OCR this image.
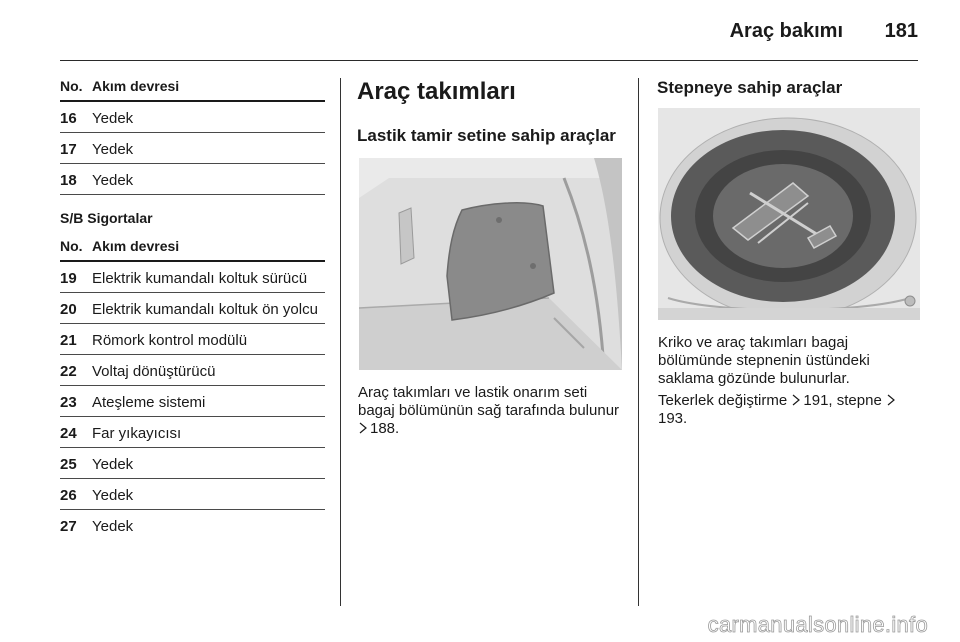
Araç bakımı 181
No. Akım devresi
16	Yedek
17	Yedek
18	Yedek
S/B Sigortalar
No. Akım devresi
19	Elektrik kumandalı koltuk sürücü
20	Elektrik kumandalı koltuk ön yolcu
21	Römork kontrol modülü
22	Voltaj dönüştürücü
23	Ateşleme sistemi
24	Far yıkayıcısı
25	Yedek
26	Yedek
27	Yedek
Araç takımları
Lastik tamir setine sahip araçlar
Araç takımları ve lastik onarım seti bagaj bölümünün sağ tarafında bulunur 188.
Stepneye sahip araçlar
Kriko ve araç takımları bagaj bölümünde stepnenin üstündeki saklama gözünde bulunurlar.
Tekerlek değiştirme 191, stepne 193.
carmanualsonline.info
